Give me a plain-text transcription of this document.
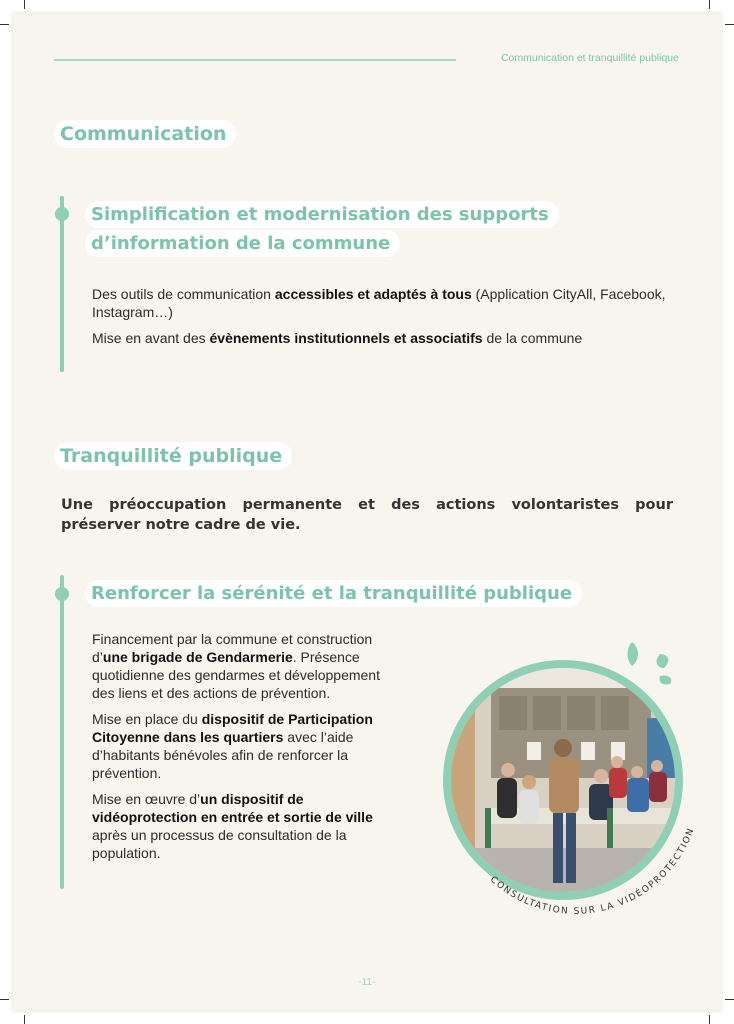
Communication et tranquillité publique
Communication
Simplification et modernisation des supports
d’information de la commune

Des outils de communication accessibles et adaptés à tous (Application CityAll, Facebook, Instagram…)

Mise en avant des évènements institutionnels et associatifs de la commune

Tranquillité publique
Une préoccupation permanente et des actions volontaristes pour préserver notre cadre de vie.
Renforcer la sérénité et la tranquillité publique

Financement par la commune et construction d’une brigade de Gendarmerie. Présence quotidienne des gendarmes et développement des liens et des actions de prévention.

Mise en place du dispositif de Participation Citoyenne dans les quartiers avec l’aide d’habitants bénévoles afin de renforcer la prévention.

Mise en œuvre d’un dispositif de vidéoprotection en entrée et sortie de ville après un processus de consultation de la population.

CONSULTATION SUR LA VIDÉOPROTECTION
-11-
